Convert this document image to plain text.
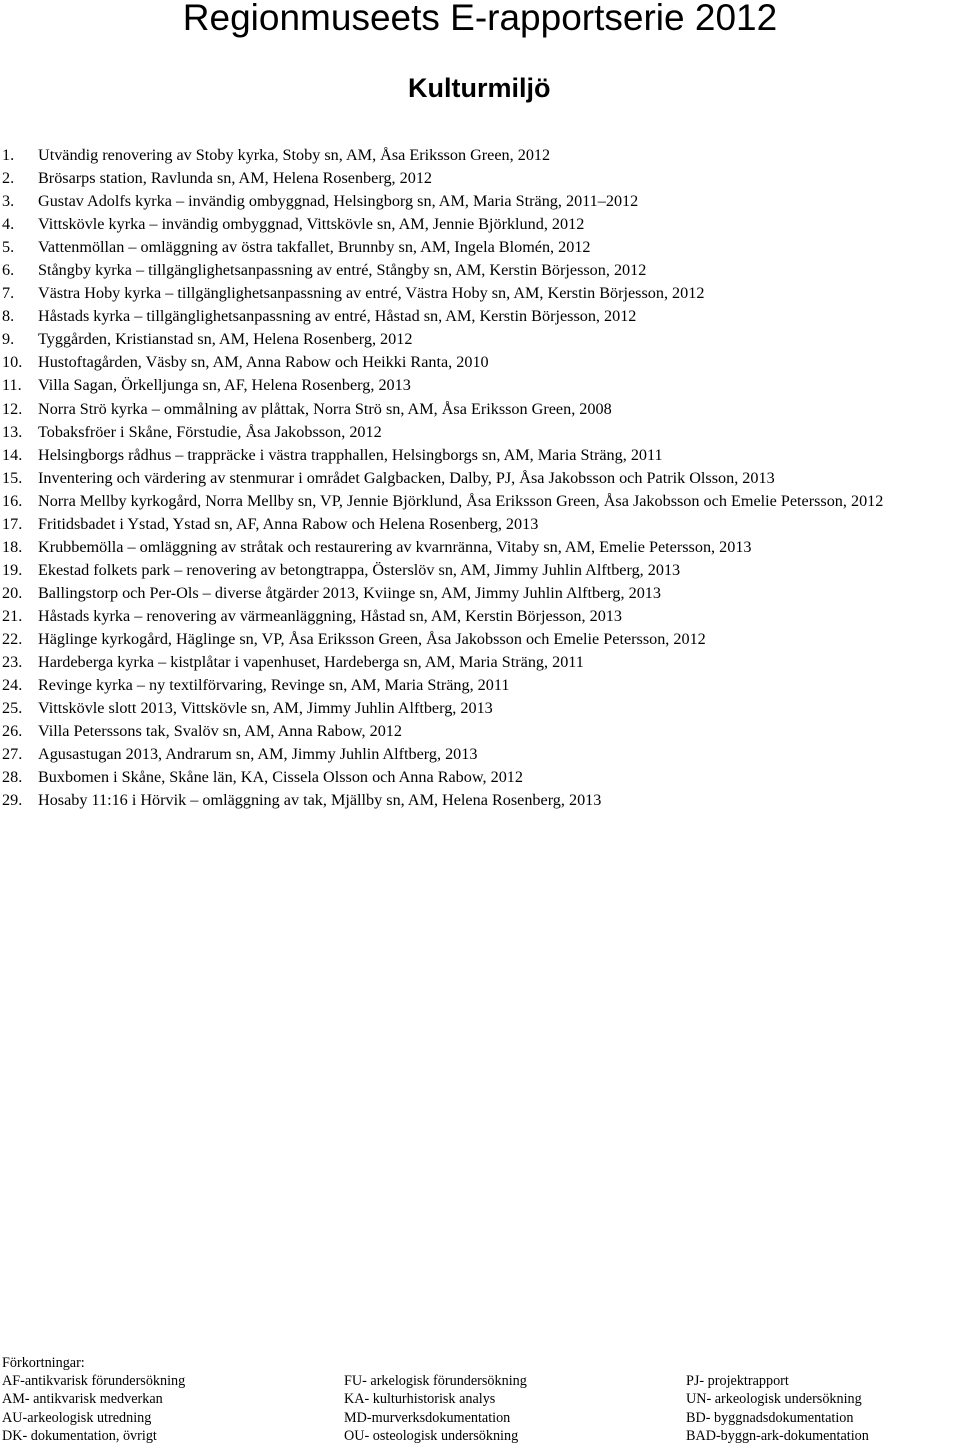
Regionmuseets E-rapportserie 2012
Kulturmiljö
1. Utvändig renovering av Stoby kyrka, Stoby sn, AM, Åsa Eriksson Green, 2012
2. Brösarps station, Ravlunda sn, AM, Helena Rosenberg, 2012
3. Gustav Adolfs kyrka – invändig ombyggnad, Helsingborg sn, AM, Maria Sträng, 2011–2012
4. Vittskövle kyrka – invändig ombyggnad, Vittskövle sn, AM, Jennie Björklund, 2012
5. Vattenmöllan – omläggning av östra takfallet, Brunnby sn, AM, Ingela Blomén, 2012
6. Stångby kyrka – tillgänglighetsanpassning av entré, Stångby sn, AM, Kerstin Börjesson, 2012
7. Västra Hoby kyrka – tillgänglighetsanpassning av entré, Västra Hoby sn, AM, Kerstin Börjesson, 2012
8. Håstads kyrka – tillgänglighetsanpassning av entré, Håstad sn, AM, Kerstin Börjesson, 2012
9. Tyggården, Kristianstad sn, AM, Helena Rosenberg, 2012
10. Hustoftagården, Väsby sn, AM, Anna Rabow och Heikki Ranta, 2010
11. Villa Sagan, Örkelljunga sn, AF, Helena Rosenberg, 2013
12. Norra Strö kyrka – ommålning av plåttak, Norra Strö sn, AM, Åsa Eriksson Green, 2008
13. Tobaksfröer i Skåne, Förstudie, Åsa Jakobsson, 2012
14. Helsingborgs rådhus – trappräcke i västra trapphallen, Helsingborgs sn, AM, Maria Sträng, 2011
15. Inventering och värdering av stenmurar i området Galgbacken, Dalby, PJ, Åsa Jakobsson och Patrik Olsson, 2013
16. Norra Mellby kyrkogård, Norra Mellby sn, VP, Jennie Björklund, Åsa Eriksson Green, Åsa Jakobsson och Emelie Petersson, 2012
17. Fritidsbadet i Ystad, Ystad sn, AF, Anna Rabow och Helena Rosenberg, 2013
18. Krubbemölla – omläggning av stråtak och restaurering av kvarnränna, Vitaby sn, AM, Emelie Petersson, 2013
19. Ekestad folkets park – renovering av betongtrappa, Österslöv sn, AM, Jimmy Juhlin Alftberg, 2013
20. Ballingstorp och Per-Ols – diverse åtgärder 2013, Kviinge sn, AM, Jimmy Juhlin Alftberg, 2013
21. Håstads kyrka – renovering av värmeanläggning, Håstad sn, AM, Kerstin Börjesson, 2013
22. Häglinge kyrkogård, Häglinge sn, VP, Åsa Eriksson Green, Åsa Jakobsson och Emelie Petersson, 2012
23. Hardeberga kyrka – kistplåtar i vapenhuset, Hardeberga sn, AM, Maria Sträng, 2011
24. Revinge kyrka – ny textilförvaring, Revinge sn, AM, Maria Sträng, 2011
25. Vittskövle slott 2013, Vittskövle sn, AM, Jimmy Juhlin Alftberg, 2013
26. Villa Peterssons tak, Svalöv sn, AM, Anna Rabow, 2012
27. Agusastugan 2013, Andrarum sn, AM, Jimmy Juhlin Alftberg, 2013
28. Buxbomen i Skåne, Skåne län, KA, Cissela Olsson och Anna Rabow, 2012
29. Hosaby 11:16 i Hörvik – omläggning av tak, Mjällby sn, AM, Helena Rosenberg, 2013
Förkortningar:
AF-antikvarisk förundersökning
AM- antikvarisk medverkan
AU-arkeologisk utredning
DK- dokumentation, övrigt
FU- arkelogisk förundersökning
KA- kulturhistorisk analys
MD-murverksdokumentation
OU- osteologisk undersökning
PJ- projektrapport
UN- arkeologisk undersökning
BD- byggnadsdokumentation
BAD-byggn-ark-dokumentation
